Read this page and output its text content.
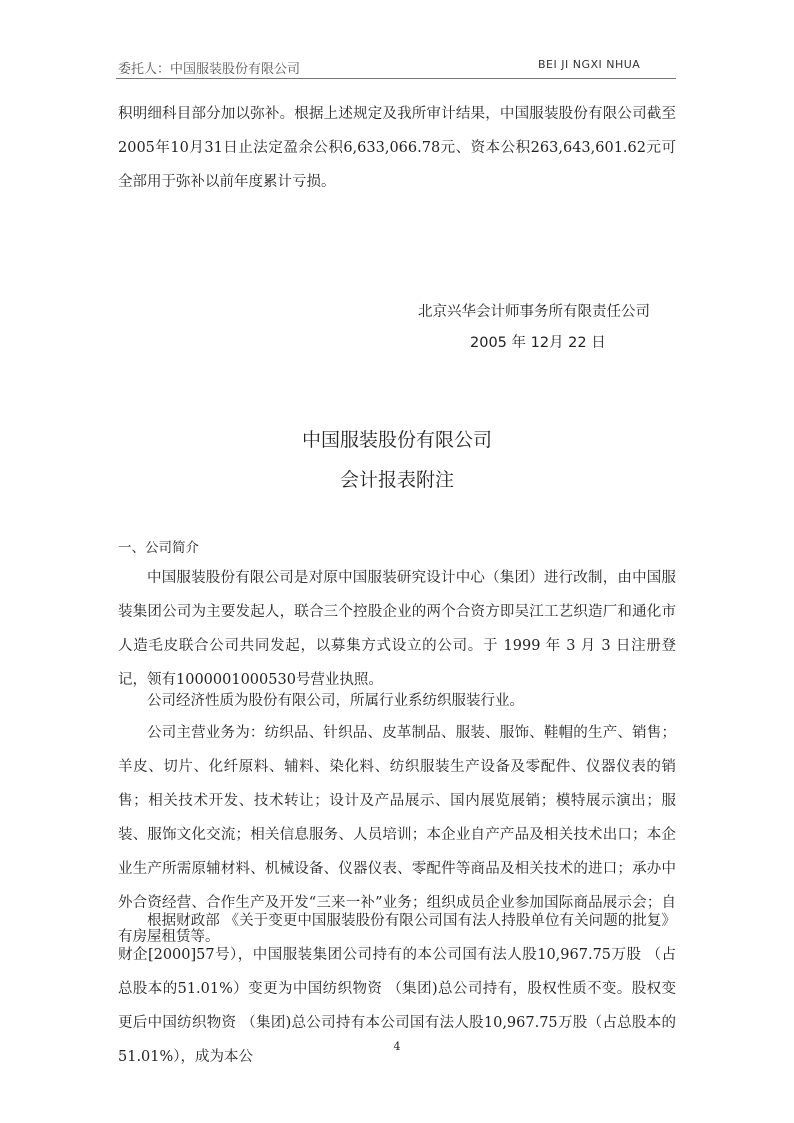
委托人：中国服装股份有限公司	BEI JI NGXI NHUA
积明细科目部分加以弥补。根据上述规定及我所审计结果，中国服装股份有限公司截至2005年10月31日止法定盈余公积6,633,066.78元、资本公积263,643,601.62元可全部用于弥补以前年度累计亏损。
北京兴华会计师事务所有限责任公司
2005 年 12月 22 日
中国服装股份有限公司
会计报表附注
一、公司简介
中国服装股份有限公司是对原中国服装研究设计中心（集团）进行改制，由中国服装集团公司为主要发起人，联合三个控股企业的两个合资方即吴江工艺织造厂和通化市人造毛皮联合公司共同发起，以募集方式设立的公司。于 1999 年 3 月 3 日注册登记，领有1000001000530号营业执照。
公司经济性质为股份有限公司，所属行业系纺织服装行业。
公司主营业务为：纺织品、针织品、皮革制品、服装、服饰、鞋帽的生产、销售；羊皮、切片、化纤原料、辅料、染化料、纺织服装生产设备及零配件、仪器仪表的销售；相关技术开发、技术转让；设计及产品展示、国内展览展销；模特展示演出；服装、服饰文化交流；相关信息服务、人员培训；本企业自产产品及相关技术出口；本企业生产所需原辅材料、机械设备、仪器仪表、零配件等商品及相关技术的进口；承办中外合资经营、合作生产及开发“三来一补”业务；组织成员企业参加国际商品展示会；自有房屋租赁等。
根据财政部 《关于变更中国服装股份有限公司国有法人持股单位有关问题的批复》财企[2000]57号），中国服装集团公司持有的本公司国有法人股10,967.75万股 （占总股本的51.01%）变更为中国纺织物资 （集团)总公司持有，股权性质不变。股权变更后中国纺织物资 （集团)总公司持有本公司国有法人股10,967.75万股（占总股本的51.01%），成为本公
4
